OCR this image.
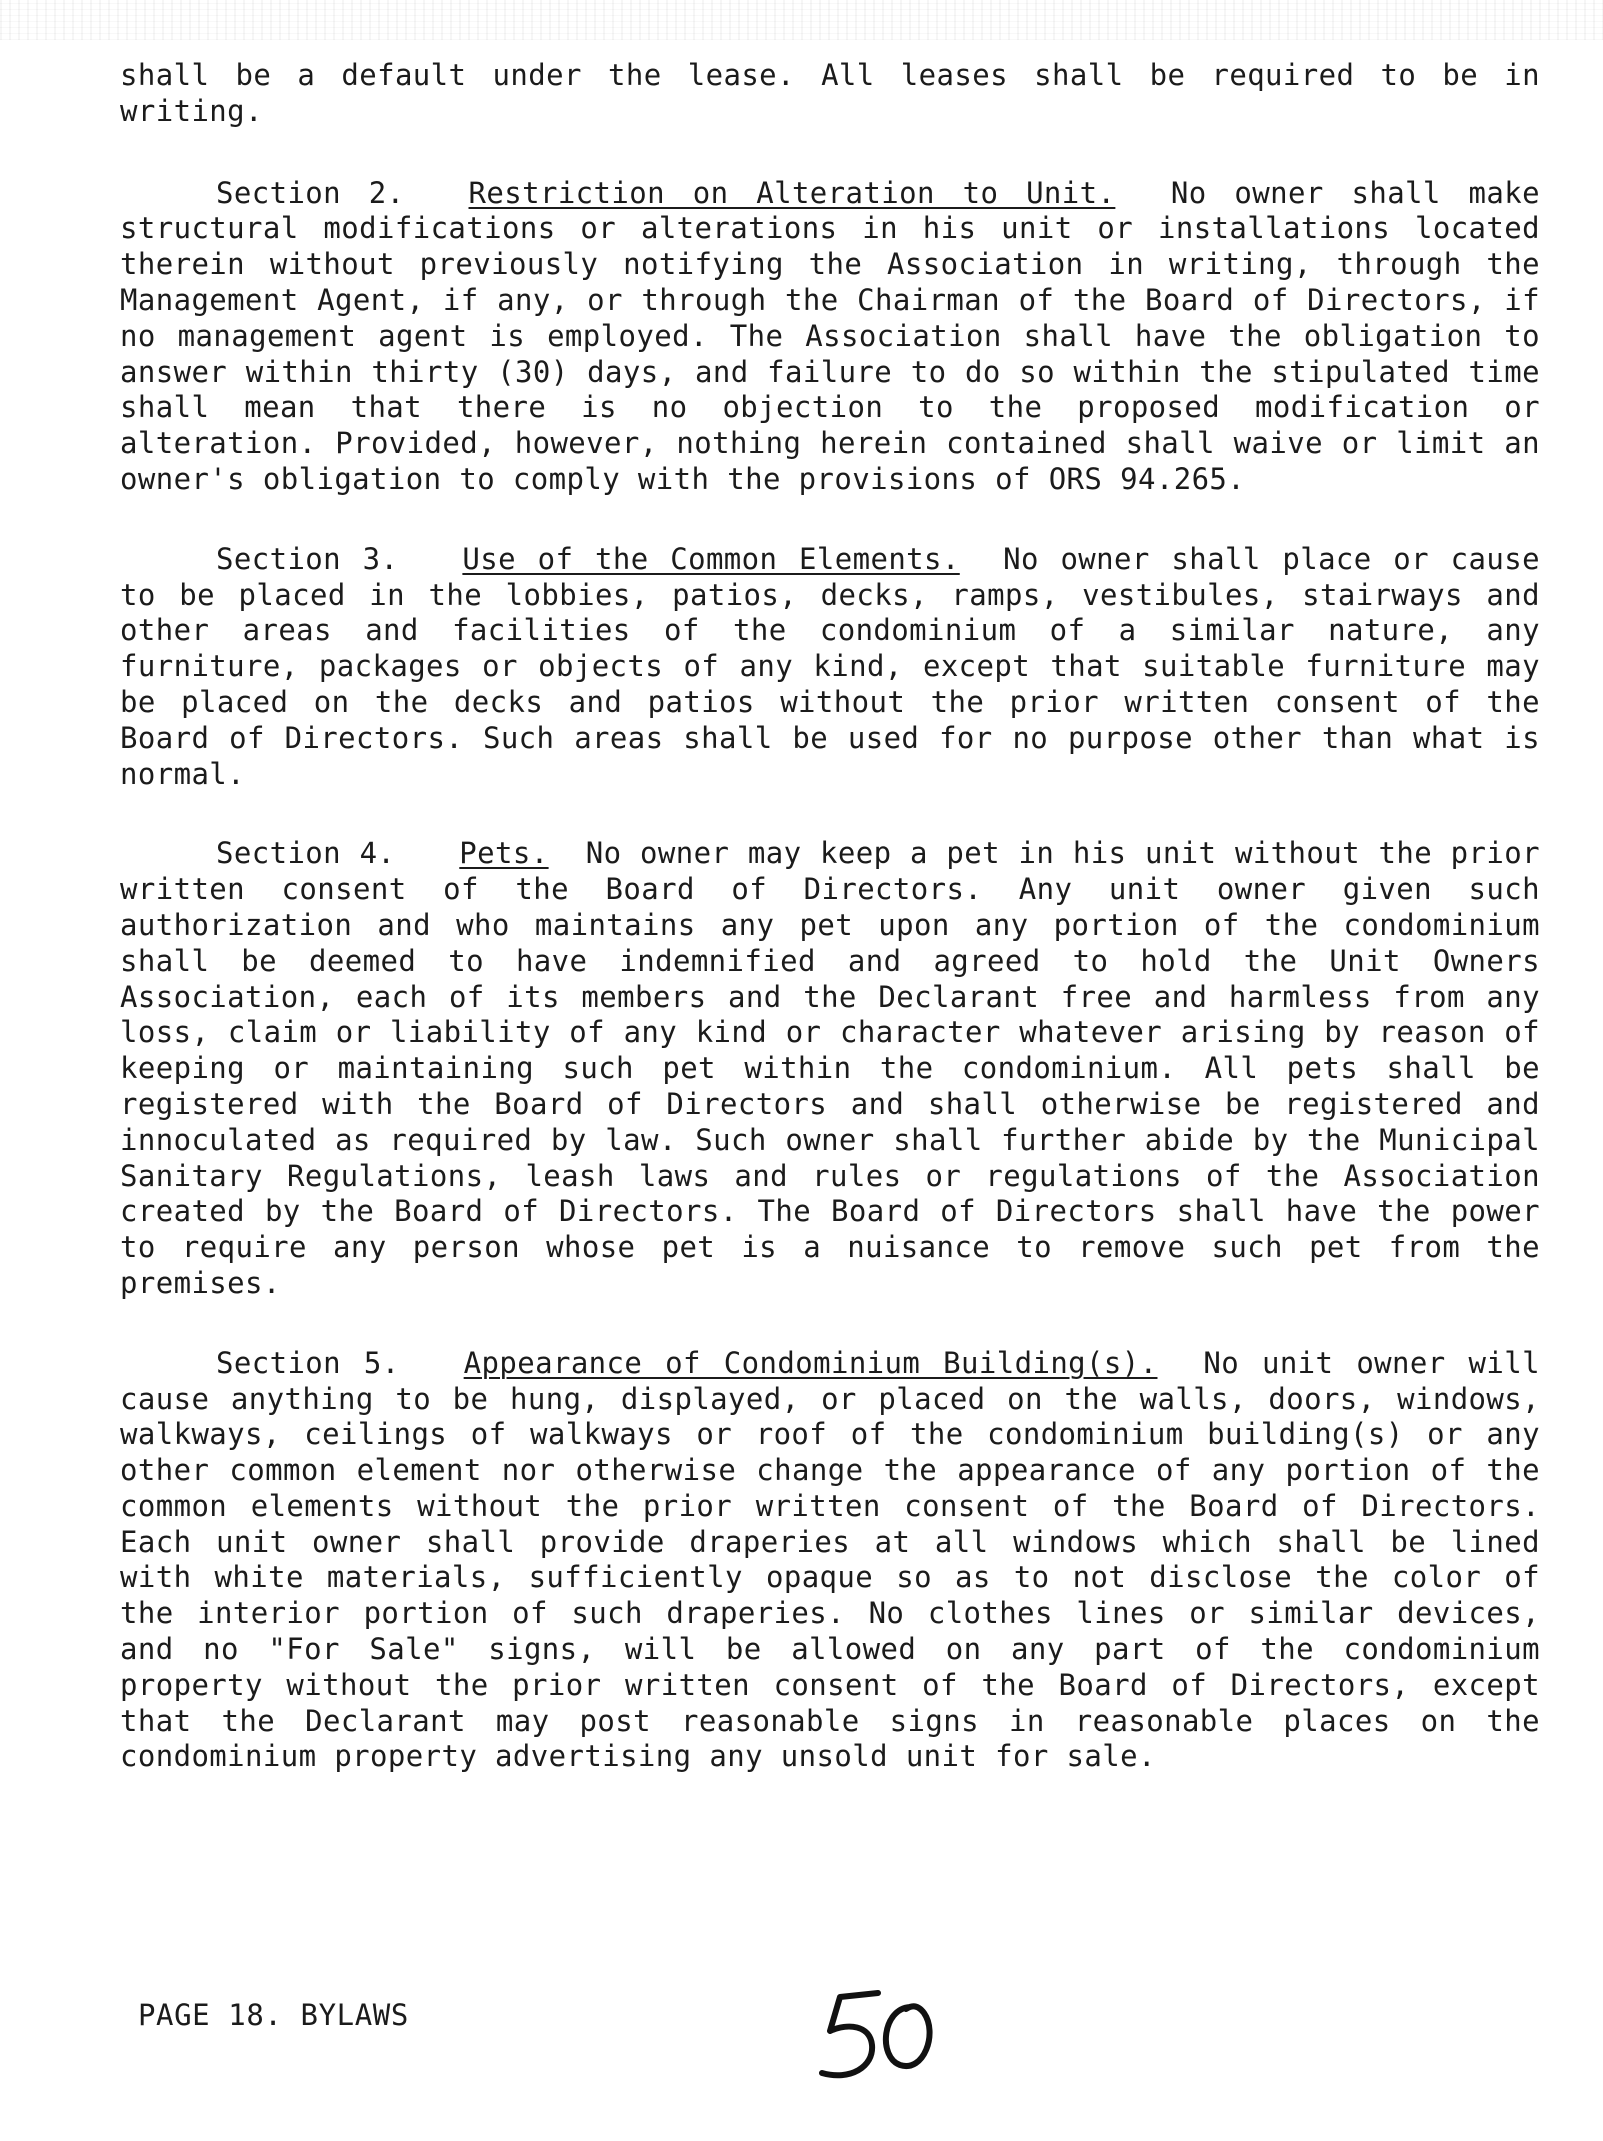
shall be a default under the lease. All leases shall be required to be in writing.

Section 2. Restriction on Alteration to Unit. No owner shall make structural modifications or alterations in his unit or installations located therein without previously notifying the Association in writing, through the Management Agent, if any, or through the Chairman of the Board of Directors, if no management agent is employed. The Association shall have the obligation to answer within thirty (30) days, and failure to do so within the stipulated time shall mean that there is no objection to the proposed modification or alteration. Provided, however, nothing herein contained shall waive or limit an owner's obligation to comply with the provisions of ORS 94.265.

Section 3. Use of the Common Elements. No owner shall place or cause to be placed in the lobbies, patios, decks, ramps, vestibules, stairways and other areas and facilities of the condominium of a similar nature, any furniture, packages or objects of any kind, except that suitable furniture may be placed on the decks and patios without the prior written consent of the Board of Directors. Such areas shall be used for no purpose other than what is normal.

Section 4. Pets. No owner may keep a pet in his unit without the prior written consent of the Board of Directors. Any unit owner given such authorization and who maintains any pet upon any portion of the condominium shall be deemed to have indemnified and agreed to hold the Unit Owners Association, each of its members and the Declarant free and harmless from any loss, claim or liability of any kind or character whatever arising by reason of keeping or maintaining such pet within the condominium. All pets shall be registered with the Board of Directors and shall otherwise be registered and innoculated as required by law. Such owner shall further abide by the Municipal Sanitary Regulations, leash laws and rules or regulations of the Association created by the Board of Directors. The Board of Directors shall have the power to require any person whose pet is a nuisance to remove such pet from the premises.

Section 5. Appearance of Condominium Building(s). No unit owner will cause anything to be hung, displayed, or placed on the walls, doors, windows, walkways, ceilings of walkways or roof of the condominium building(s) or any other common element nor otherwise change the appearance of any portion of the common elements without the prior written consent of the Board of Directors. Each unit owner shall provide draperies at all windows which shall be lined with white materials, sufficiently opaque so as to not disclose the color of the interior portion of such draperies. No clothes lines or similar devices, and no "For Sale" signs, will be allowed on any part of the condominium property without the prior written consent of the Board of Directors, except that the Declarant may post reasonable signs in reasonable places on the condominium property advertising any unsold unit for sale.

PAGE 18. BYLAWS
